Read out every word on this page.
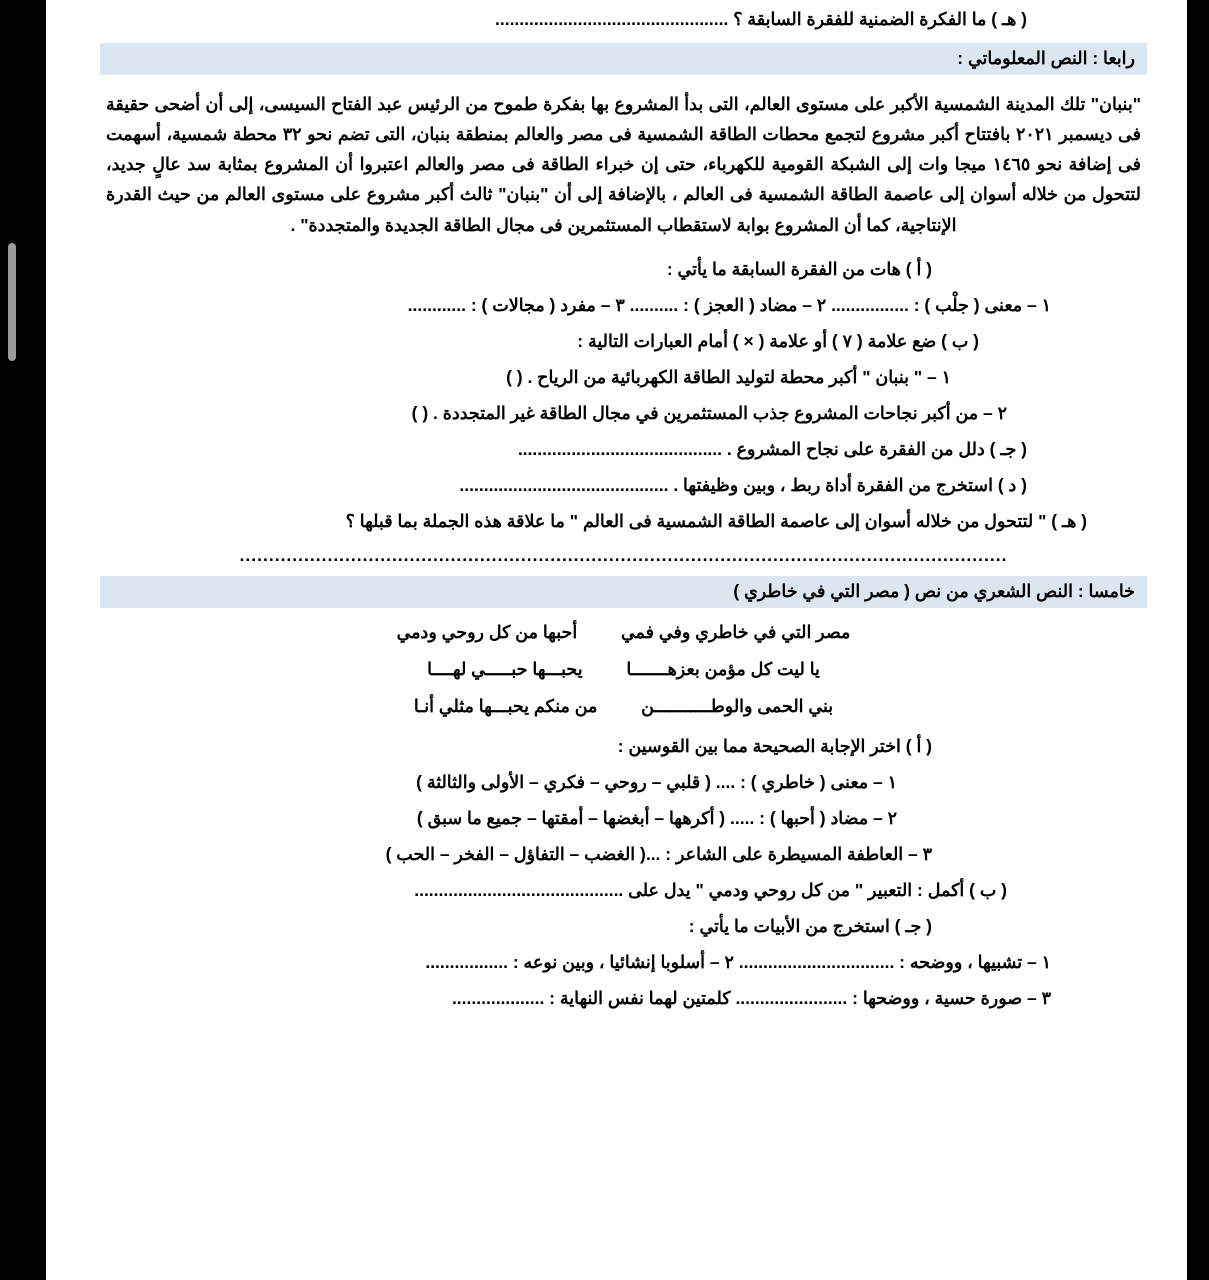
( هـ ) ما الفكرة الضمنية للفقرة السابقة ؟ ................................................
رابعا : النص المعلوماتي :
"بنبان" تلك المدينة الشمسية الأكبر على مستوى العالم، التى بدأ المشروع بها بفكرة طموح من الرئيس عبد الفتاح السيسى، إلى أن أضحى حقيقة فى ديسمبر ٢٠٢١ بافتتاح أكبر مشروع لتجمع محطات الطاقة الشمسية فى مصر والعالم بمنطقة بنبان، التى تضم نحو ٣٢ محطة شمسية، أسهمت فى إضافة نحو ١٤٦٥ ميجا وات إلى الشبكة القومية للكهرباء، حتى إن خبراء الطاقة فى مصر والعالم اعتبروا أن المشروع بمثابة سد عالٍ جديد، لتتحول من خلاله أسوان إلى عاصمة الطاقة الشمسية فى العالم ، بالإضافة إلى أن "بنبان" ثالث أكبر مشروع على مستوى العالم من حيث القدرة الإنتاجية، كما أن المشروع بوابة لاستقطاب المستثمرين فى مجال الطاقة الجديدة والمتجددة" .
( أ ) هات من الفقرة السابقة ما يأتي :
١ – معنى ( جلْب ) : ................ ٢ – مضاد ( العجز ) : .......... ٣ – مفرد ( مجالات ) : ............
( ب ) ضع علامة ( ٧ ) أو علامة ( × ) أمام العبارات التالية :
١ – " بنبان " أكبر محطة لتوليد الطاقة الكهربائية من الرياح . ( )
٢ – من أكبر نجاحات المشروع جذب المستثمرين في مجال الطاقة غير المتجددة . ( )
( جـ ) دلل من الفقرة على نجاح المشروع . ..........................................
( د ) استخرج من الفقرة أداة ربط ، وبين وظيفتها . ...........................................
( هـ ) " لتتحول من خلاله أسوان إلى عاصمة الطاقة الشمسية فى العالم " ما علاقة هذه الجملة بما قبلها ؟
...................................................................................................................................
خامسا : النص الشعري من نص ( مصر التي في خاطري )
مصر التي في خاطري وفي فمي  أحبها من كل روحي ودمي
يا ليت كل مؤمن بعزهـــــــا  يحبـــها حبـــــي لهــــا
بني الحمى والوطـــــــــــن  من منكم يحبـــها مثلي أنـا
( أ ) اختر الإجابة الصحيحة مما بين القوسين :
١ – معنى ( خاطري ) : .... ( قلبي – روحي – فكري – الأولى والثالثة )
٢ – مضاد ( أحبها ) : ..... ( أكرهها – أبغضها – أمقتها – جميع ما سبق )
٣ – العاطفة المسيطرة على الشاعر : ...( الغضب – التفاؤل – الفخر – الحب )
( ب ) أكمل : التعبير " من كل روحي ودمي " يدل على ...........................................
( جـ ) استخرج من الأبيات ما يأتي :
١ – تشبيها ، ووضحه : ................................ ٢ – أسلوبا إنشائيا ، وبين نوعه : .................
٣ – صورة حسية ، ووضحها : ....................... كلمتين لهما نفس النهاية : ...................
